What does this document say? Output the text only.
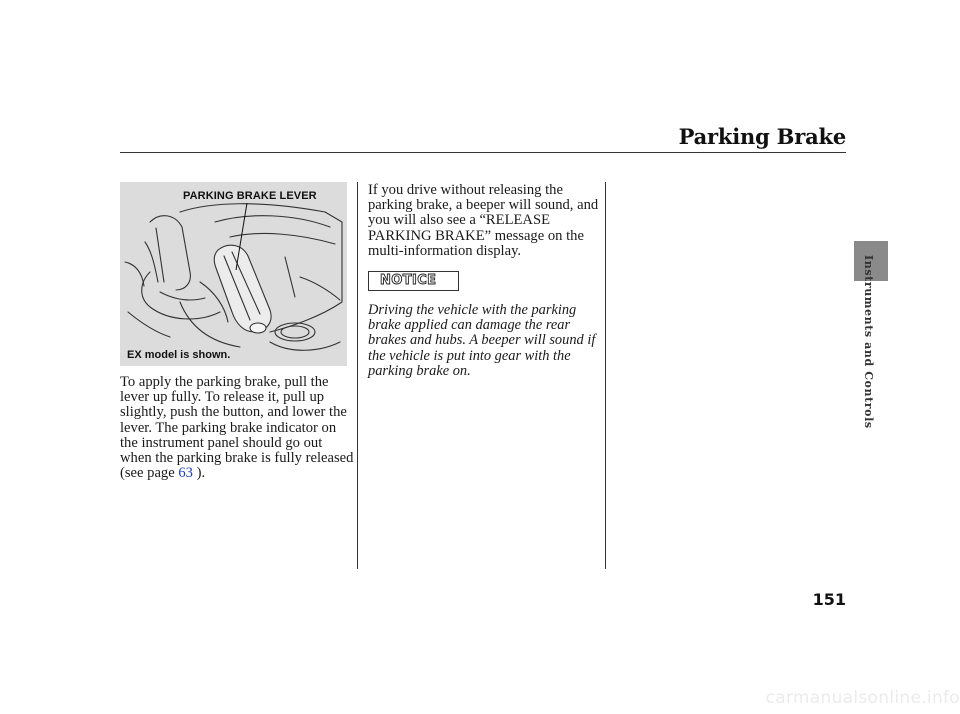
Parking Brake
PARKING BRAKE LEVER
EX model is shown.
To apply the parking brake, pull the lever up fully. To release it, pull up slightly, push the button, and lower the lever. The parking brake indicator on the instrument panel should go out when the parking brake is fully released (see page 63 ).
If you drive without releasing the parking brake, a beeper will sound, and you will also see a “RELEASE PARKING BRAKE” message on the multi-information display.
NOTICE
Driving the vehicle with the parking brake applied can damage the rear brakes and hubs. A beeper will sound if the vehicle is put into gear with the parking brake on.	Instruments and Controls
151
carmanualsonline.info
